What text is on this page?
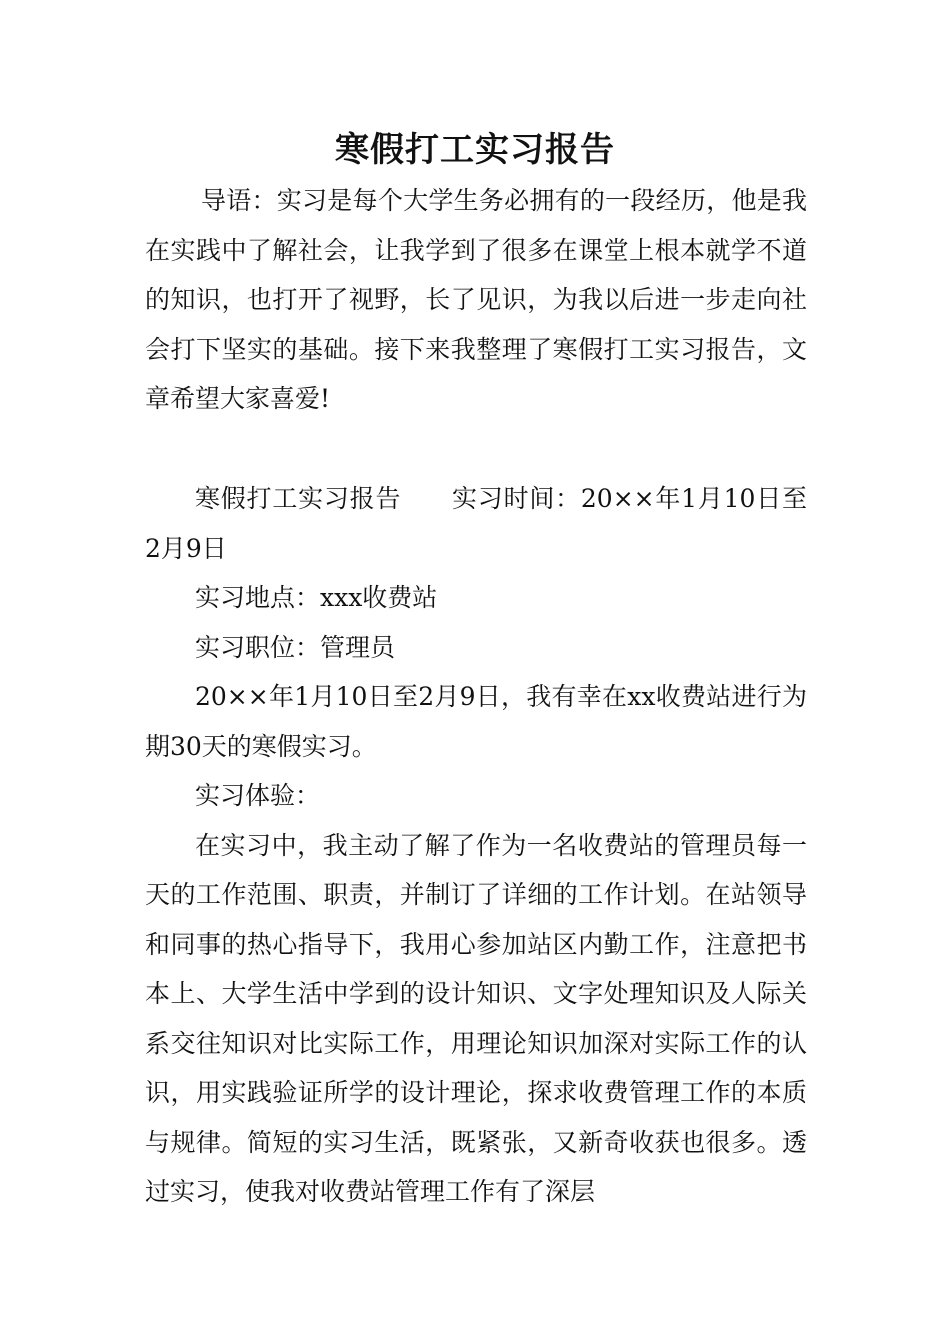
寒假打工实习报告
导语：实习是每个大学生务必拥有的一段经历，他是我在实践中了解社会，让我学到了很多在课堂上根本就学不道的知识，也打开了视野，长了见识，为我以后进一步走向社会打下坚实的基础。接下来我整理了寒假打工实习报告，文章希望大家喜爱!

寒假打工实习报告 实习时间：20××年1月10日至2月9日

实习地点：xxx收费站

实习职位：管理员

20××年1月10日至2月9日，我有幸在xx收费站进行为期30天的寒假实习。

实习体验：

在实习中，我主动了解了作为一名收费站的管理员每一天的工作范围、职责，并制订了详细的工作计划。在站领导和同事的热心指导下，我用心参加站区内勤工作，注意把书本上、大学生活中学到的设计知识、文字处理知识及人际关系交往知识对比实际工作，用理论知识加深对实际工作的认识，用实践验证所学的设计理论，探求收费管理工作的本质与规律。简短的实习生活，既紧张，又新奇收获也很多。透过实习，使我对收费站管理工作有了深层
